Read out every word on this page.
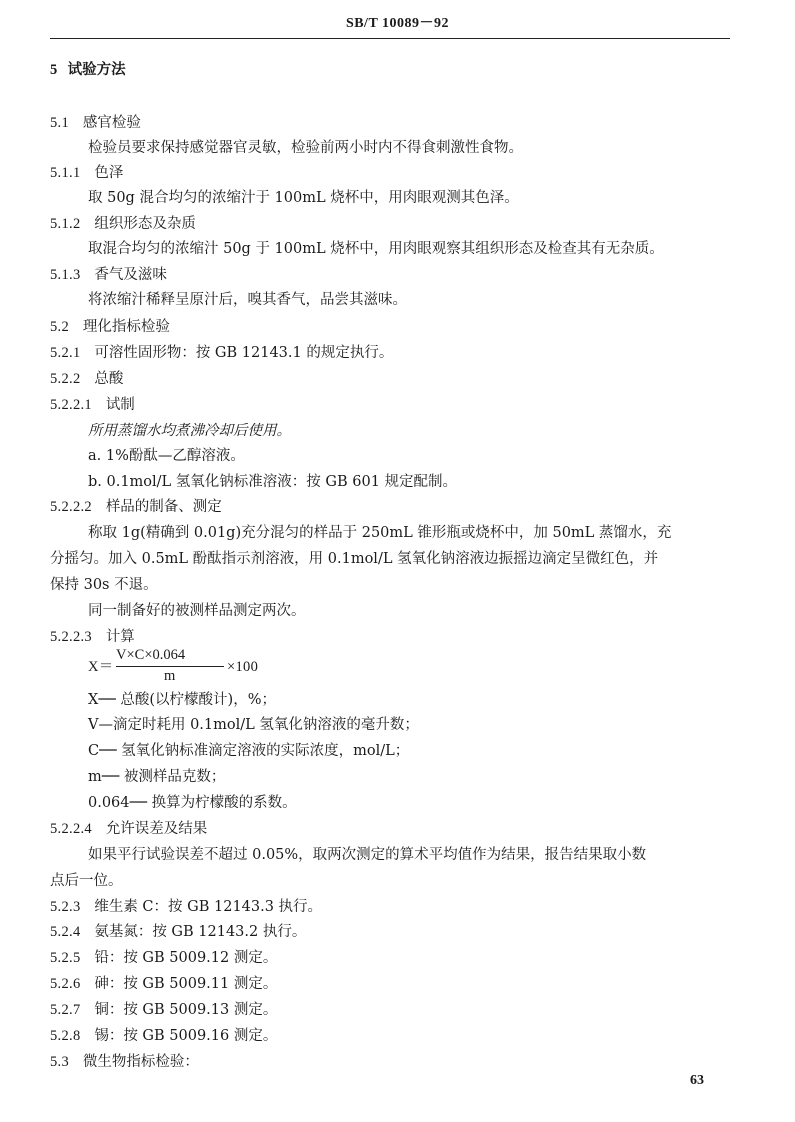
SB/T 10089－92
5 试验方法
5.1 感官检验
检验员要求保持感觉器官灵敏，检验前两小时内不得食刺激性食物。
5.1.1 色泽
取 50g 混合均匀的浓缩汁于 100mL 烧杯中，用肉眼观测其色泽。
5.1.2 组织形态及杂质
取混合均匀的浓缩汁 50g 于 100mL 烧杯中，用肉眼观察其组织形态及检查其有无杂质。
5.1.3 香气及滋味
将浓缩汁稀释呈原汁后，嗅其香气，品尝其滋味。
5.2 理化指标检验
5.2.1 可溶性固形物：按 GB 12143.1 的规定执行。
5.2.2 总酸
5.2.2.1 试制
所用蒸馏水均煮沸冷却后使用。
a. 1%酚酞—乙醇溶液。
b. 0.1mol/L 氢氧化钠标准溶液：按 GB 601 规定配制。
5.2.2.2 样品的制备、测定
称取 1g(精确到 0.01g)充分混匀的样品于 250mL 锥形瓶或烧杯中，加 50mL 蒸馏水，充
分摇匀。加入 0.5mL 酚酞指示剂溶液，用 0.1mol/L 氢氧化钠溶液边振摇边滴定呈微红色，并
保持 30s 不退。
同一制备好的被测样品测定两次。
5.2.2.3 计算
X＝
V×C×0.064
m
×100
X── 总酸(以柠檬酸计)，%；
V—滴定时耗用 0.1mol/L 氢氧化钠溶液的毫升数；
C── 氢氧化钠标准滴定溶液的实际浓度，mol/L；
m── 被测样品克数；
0.064── 换算为柠檬酸的系数。
5.2.2.4 允许误差及结果
如果平行试验误差不超过 0.05%，取两次测定的算术平均值作为结果，报告结果取小数
点后一位。
5.2.3 维生素 C：按 GB 12143.3 执行。
5.2.4 氨基氮：按 GB 12143.2 执行。
5.2.5 铅：按 GB 5009.12 测定。
5.2.6 砷：按 GB 5009.11 测定。
5.2.7 铜：按 GB 5009.13 测定。
5.2.8 锡：按 GB 5009.16 测定。
5.3 微生物指标检验：
63
